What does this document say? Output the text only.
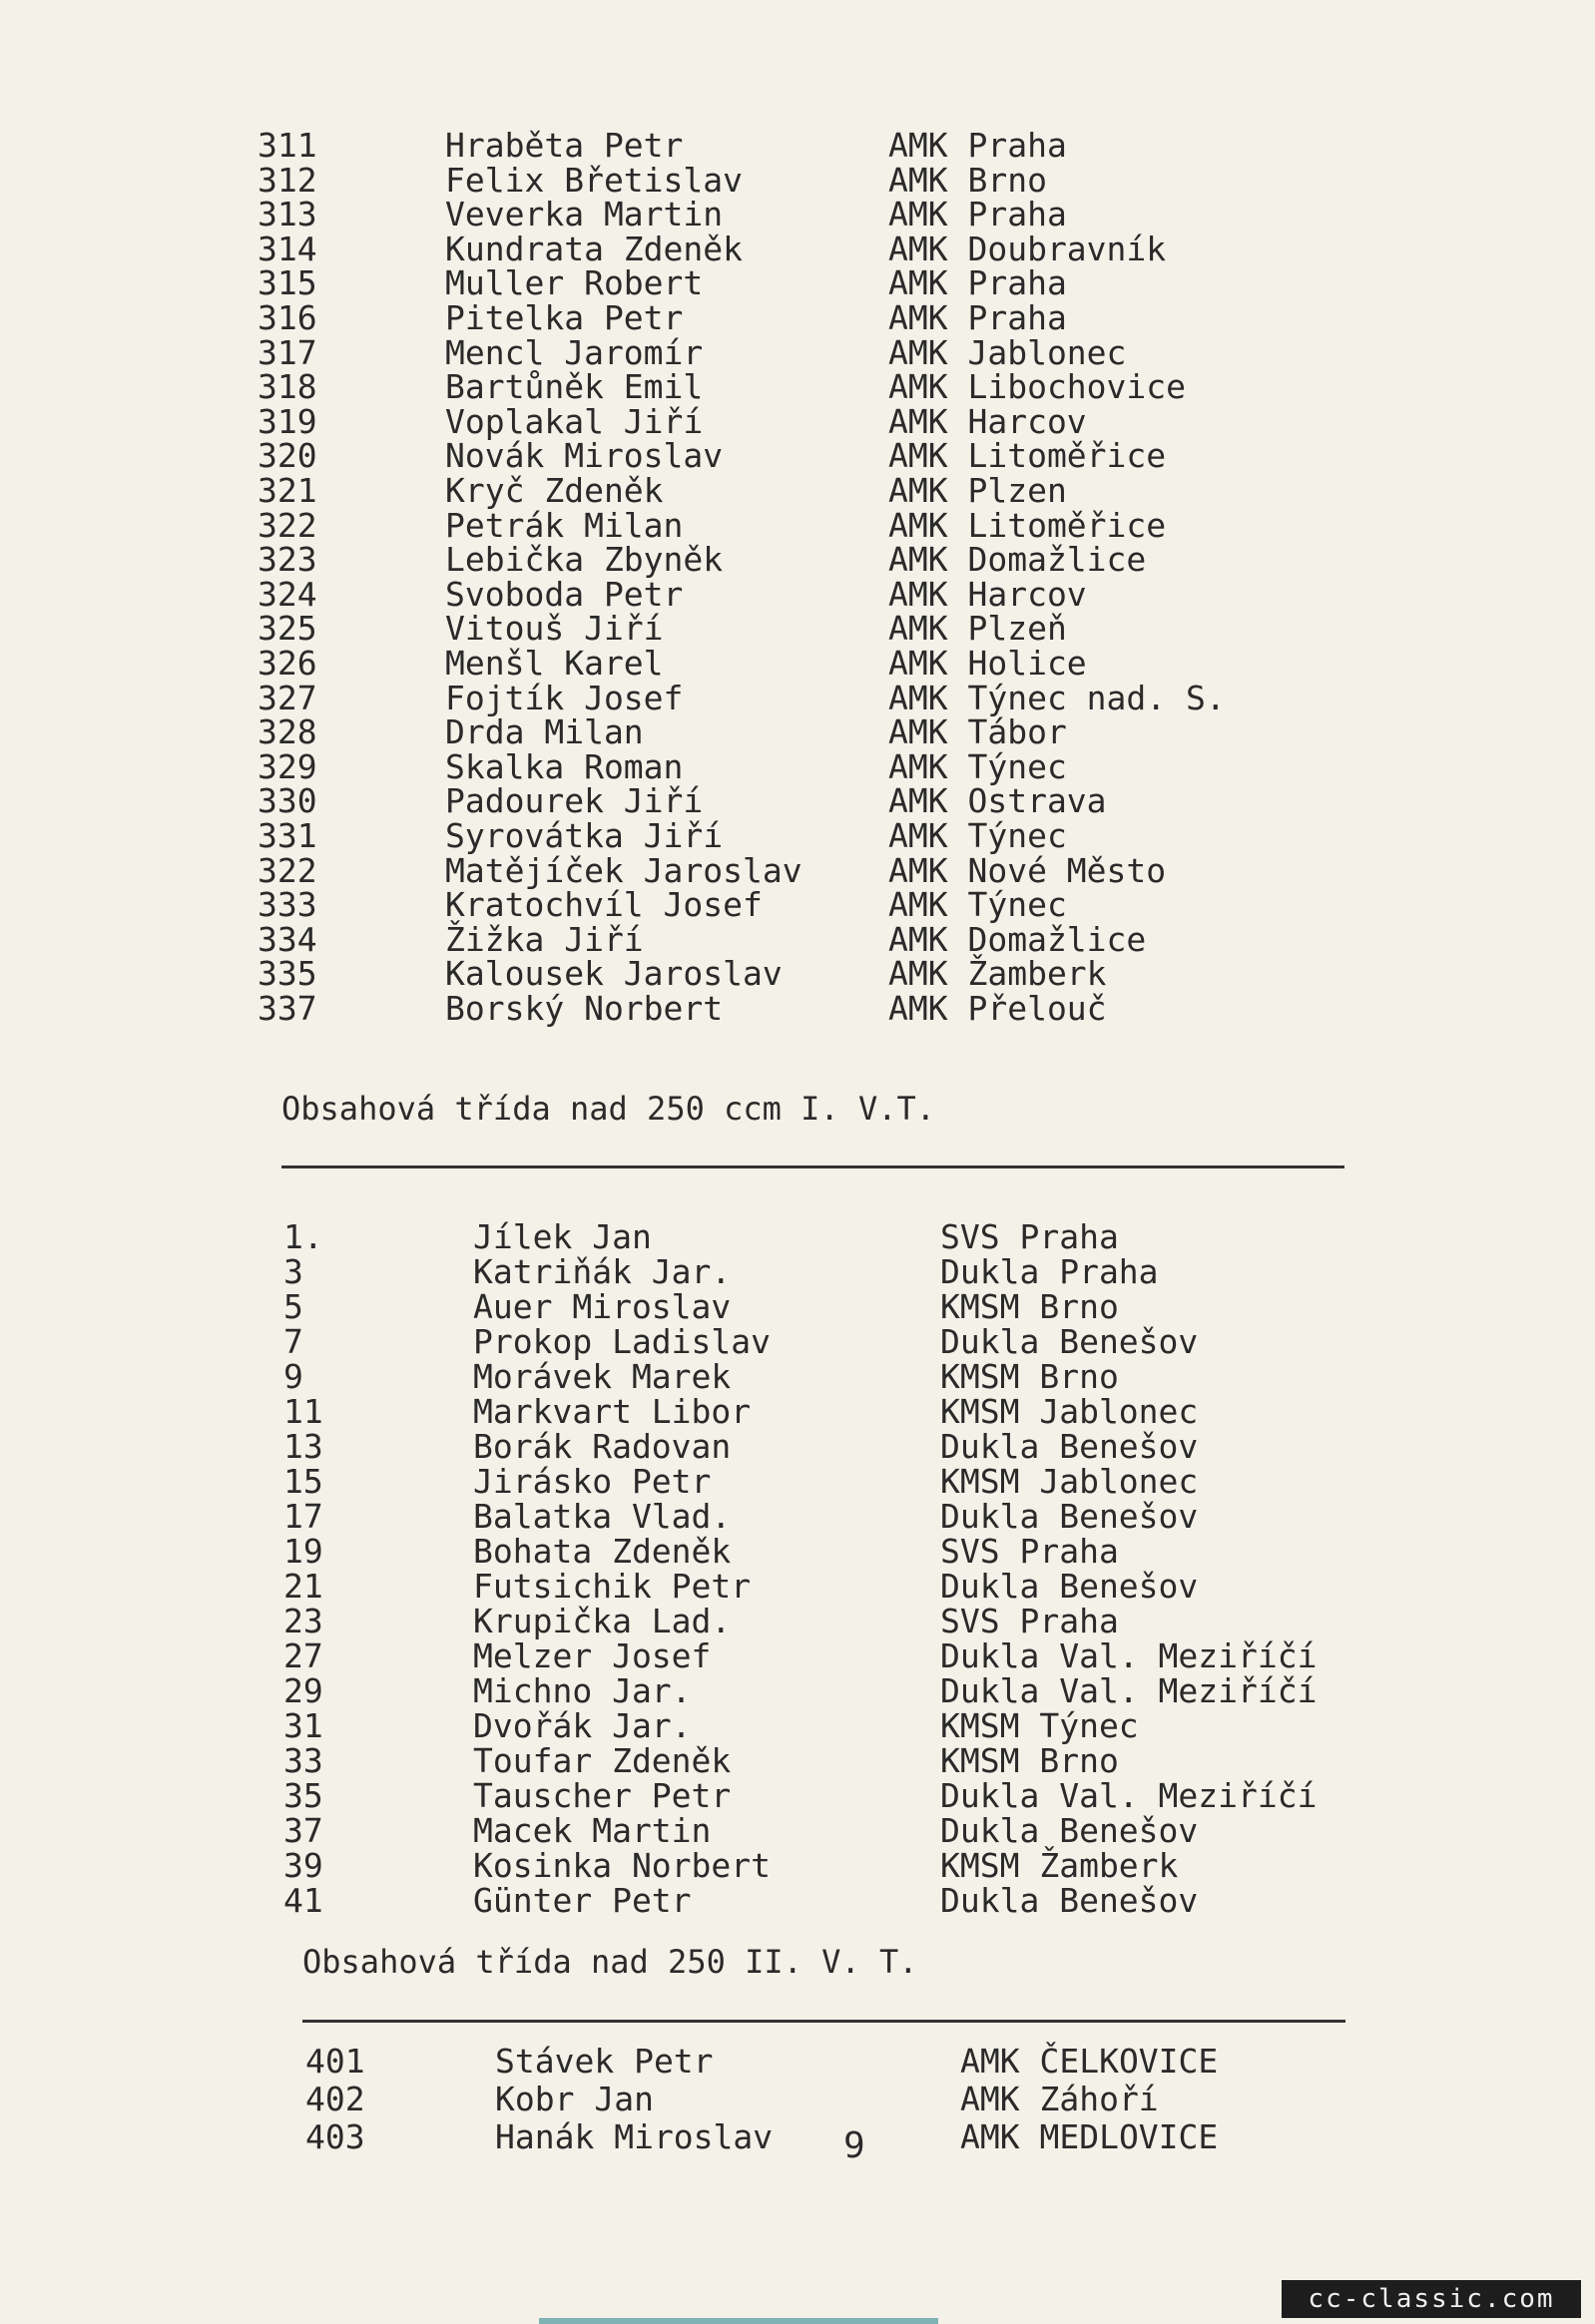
311	Hraběta Petr	AMK Praha
312	Felix Břetislav	AMK Brno
313	Veverka Martin	AMK Praha
314	Kundrata Zdeněk	AMK Doubravník
315	Muller Robert	AMK Praha
316	Pitelka Petr	AMK Praha
317	Mencl Jaromír	AMK Jablonec
318	Bartůněk Emil	AMK Libochovice
319	Voplakal Jiří	AMK Harcov
320	Novák Miroslav	AMK Litoměřice
321	Kryč Zdeněk	AMK Plzen
322	Petrák Milan	AMK Litoměřice
323	Lebička Zbyněk	AMK Domažlice
324	Svoboda Petr	AMK Harcov
325	Vitouš Jiří	AMK Plzeň
326	Menšl Karel	AMK Holice
327	Fojtík Josef	AMK Týnec nad. S.
328	Drda Milan	AMK Tábor
329	Skalka Roman	AMK Týnec
330	Padourek Jiří	AMK Ostrava
331	Syrovátka Jiří	AMK Týnec
322	Matějíček Jaroslav	AMK Nové Město
333	Kratochvíl Josef	AMK Týnec
334	Žižka Jiří	AMK Domažlice
335	Kalousek Jaroslav	AMK Žamberk
337	Borský Norbert	AMK Přelouč
Obsahová třída nad 250 ccm I. V.T.
1.	Jílek Jan	SVS Praha
3	Katriňák Jar.	Dukla Praha
5	Auer Miroslav	KMSM Brno
7	Prokop Ladislav	Dukla Benešov
9	Morávek Marek	KMSM Brno
11	Markvart Libor	KMSM Jablonec
13	Borák Radovan	Dukla Benešov
15	Jirásko Petr	KMSM Jablonec
17	Balatka Vlad.	Dukla Benešov
19	Bohata Zdeněk	SVS Praha
21	Futsichik Petr	Dukla Benešov
23	Krupička Lad.	SVS Praha
27	Melzer Josef	Dukla Val. Meziříčí
29	Michno Jar.	Dukla Val. Meziříčí
31	Dvořák Jar.	KMSM Týnec
33	Toufar Zdeněk	KMSM Brno
35	Tauscher Petr	Dukla Val. Meziříčí
37	Macek Martin	Dukla Benešov
39	Kosinka Norbert	KMSM Žamberk
41	Günter Petr	Dukla Benešov
Obsahová třída nad 250 II. V. T.
401	Stávek Petr	AMK ČELKOVICE
402	Kobr Jan	AMK Záhoří
403	Hanák Miroslav	AMK MEDLOVICE
9
cc-classic.com
